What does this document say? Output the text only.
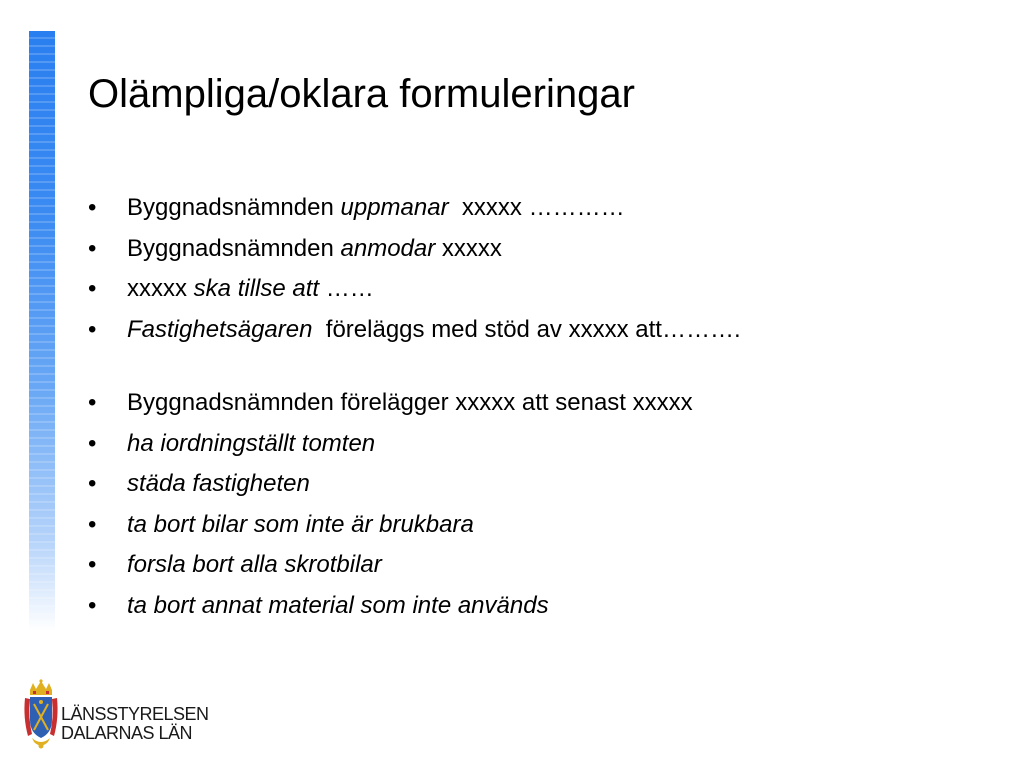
Olämpliga/oklara formuleringar
• Byggnadsnämnden uppmanar  xxxxx …………
• Byggnadsnämnden anmodar xxxxx
• xxxxx ska tillse att ……
• Fastighetsägaren  föreläggs med stöd av xxxxx att……….
• Byggnadsnämnden förelägger xxxxx att senast xxxxx
• ha iordningställt tomten
• städa fastigheten
• ta bort bilar som inte är brukbara
• forsla bort alla skrotbilar
• ta bort annat material som inte används
LÄNSSTYRELSEN
DALARNAS LÄN
